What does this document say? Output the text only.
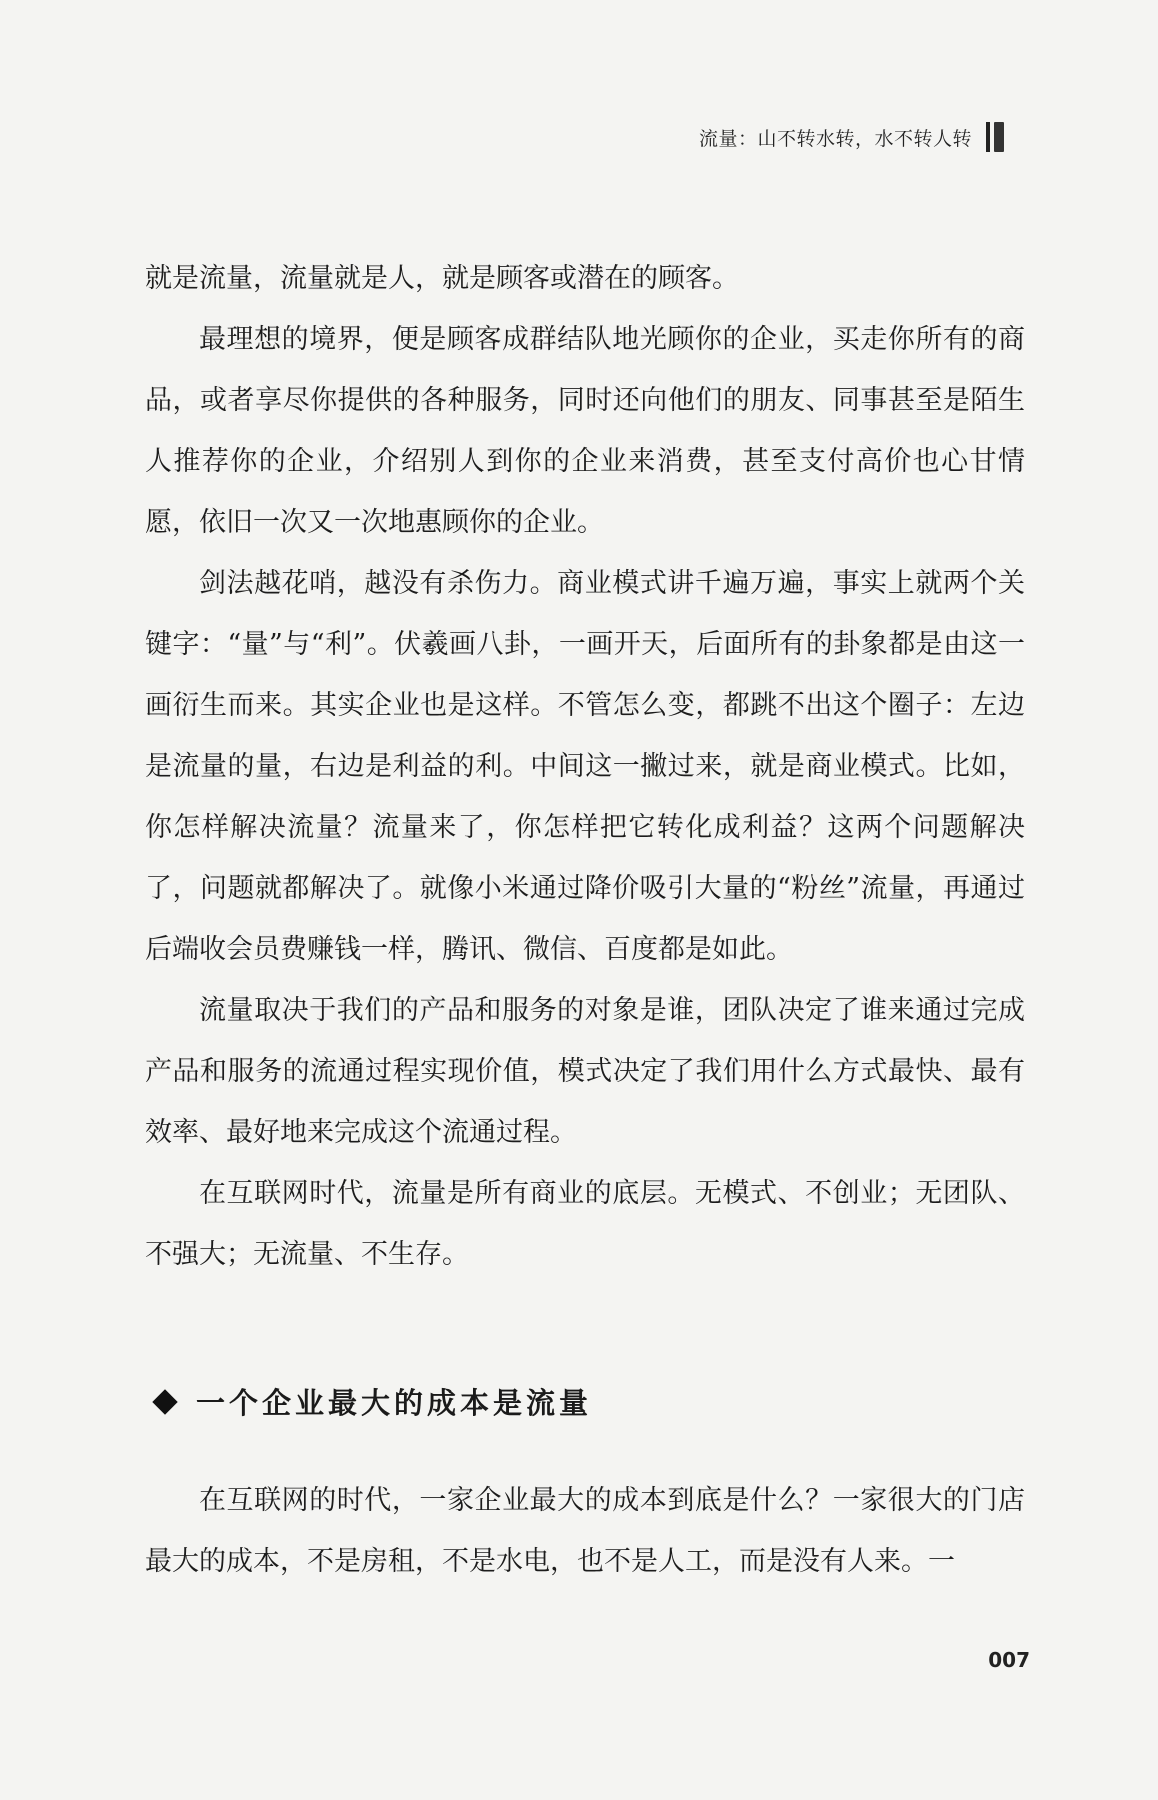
流量：山不转水转，水不转人转

就是流量，流量就是人，就是顾客或潜在的顾客。

最理想的境界，便是顾客成群结队地光顾你的企业，买走你所有的商品，或者享尽你提供的各种服务，同时还向他们的朋友、同事甚至是陌生人推荐你的企业，介绍别人到你的企业来消费，甚至支付高价也心甘情愿，依旧一次又一次地惠顾你的企业。

剑法越花哨，越没有杀伤力。商业模式讲千遍万遍，事实上就两个关键字：“量”与“利”。伏羲画八卦，一画开天，后面所有的卦象都是由这一画衍生而来。其实企业也是这样。不管怎么变，都跳不出这个圈子：左边是流量的量，右边是利益的利。中间这一撇过来，就是商业模式。比如，你怎样解决流量？流量来了，你怎样把它转化成利益？这两个问题解决了，问题就都解决了。就像小米通过降价吸引大量的“粉丝”流量，再通过后端收会员费赚钱一样，腾讯、微信、百度都是如此。

流量取决于我们的产品和服务的对象是谁，团队决定了谁来通过完成产品和服务的流通过程实现价值，模式决定了我们用什么方式最快、最有效率、最好地来完成这个流通过程。

在互联网时代，流量是所有商业的底层。无模式、不创业；无团队、不强大；无流量、不生存。

一个企业最大的成本是流量

在互联网的时代，一家企业最大的成本到底是什么？一家很大的门店最大的成本，不是房租，不是水电，也不是人工，而是没有人来。一

007
